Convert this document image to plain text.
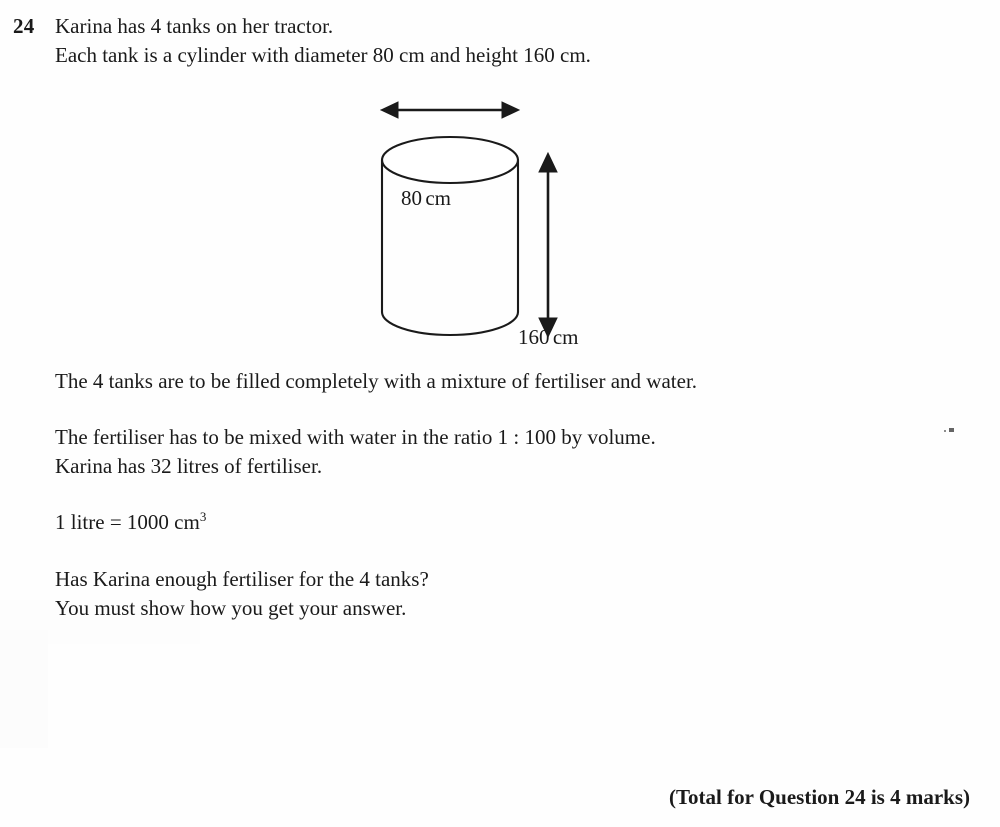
24 Karina has 4 tanks on her tractor.
Each tank is a cylinder with diameter 80 cm and height 160 cm.
80 cm
160 cm
The 4 tanks are to be filled completely with a mixture of fertiliser and water.
The fertiliser has to be mixed with water in the ratio 1 : 100 by volume.
Karina has 32 litres of fertiliser.
1 litre = 1000 $cm^3$
Has Karina enough fertiliser for the 4 tanks?
You must show how you get your answer.
(Total for Question 24 is 4 marks)
